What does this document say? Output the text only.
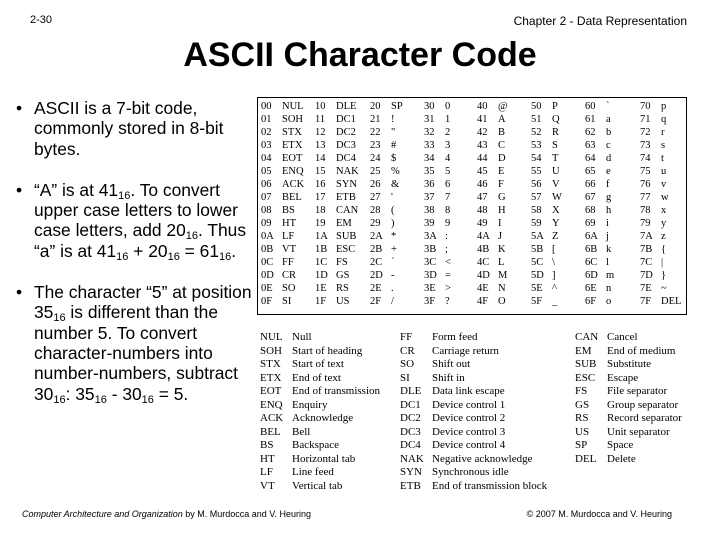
2-30	Chapter 2 - Data Representation
ASCII Character Code
• ASCII is a 7-bit code, commonly stored in 8-bit bytes.
• “A” is at $41_{16}$. To convert upper case letters to lower case letters, add $20_{16}$. Thus “a” is at $41_{16} + 20_{16} = 61_{16}$.
• The character “5” at position $35_{16}$ is different than the number 5. To convert character-numbers into number-numbers, subtract $30_{16}$: $35_{16} - 30_{16} = 5$.
00 NUL
01 SOH
02 STX
03 ETX
04 EOT
05 ENQ
06 ACK
07 BEL
08 BS
09 HT
0A LF
0B VT
0C FF
0D CR
0E SO
0F SI
10 DLE
11 DC1
12 DC2
13 DC3
14 DC4
15 NAK
16 SYN
17 ETB
18 CAN
19 EM
1A SUB
1B ESC
1C FS
1D GS
1E RS
1F US
20 SP
21 !
22 "
23 #
24 $
25 %
26 &
27 '
28 (
29 )
2A *
2B +
2C ´
2D -
2E .
2F /
30 0
31 1
32 2
33 3
34 4
35 5
36 6
37 7
38 8
39 9
3A :
3B ;
3C <
3D =
3E >
3F ?
40 @
41 A
42 B
43 C
44 D
45 E
46 F
47 G
48 H
49 I
4A J
4B K
4C L
4D M
4E N
4F O
50 P
51 Q
52 R
53 S
54 T
55 U
56 V
57 W
58 X
59 Y
5A Z
5B [
5C \
5D ]
5E ^
5F _
60 `
61 a
62 b
63 c
64 d
65 e
66 f
67 g
68 h
69 i
6A j
6B k
6C l
6D m
6E n
6F o
70 p
71 q
72 r
73 s
74 t
75 u
76 v
77 w
78 x
79 y
7A z
7B {
7C |
7D }
7E ~
7F DEL
NUL Null
SOH Start of heading
STX Start of text
ETX End of text
EOT End of transmission
ENQ Enquiry
ACK Acknowledge
BEL Bell
BS Backspace
HT Horizontal tab
LF Line feed
VT Vertical tab
FF Form feed
CR Carriage return
SO Shift out
SI Shift in
DLE Data link escape
DC1 Device control 1
DC2 Device control 2
DC3 Device control 3
DC4 Device control 4
NAK Negative acknowledge
SYN Synchronous idle
ETB End of transmission block
CAN Cancel
EM End of medium
SUB Substitute
ESC Escape
FS File separator
GS Group separator
RS Record separator
US Unit separator
SP Space
DEL Delete
Computer Architecture and Organization by M. Murdocca and V. Heuring	© 2007 M. Murdocca and V. Heuring
